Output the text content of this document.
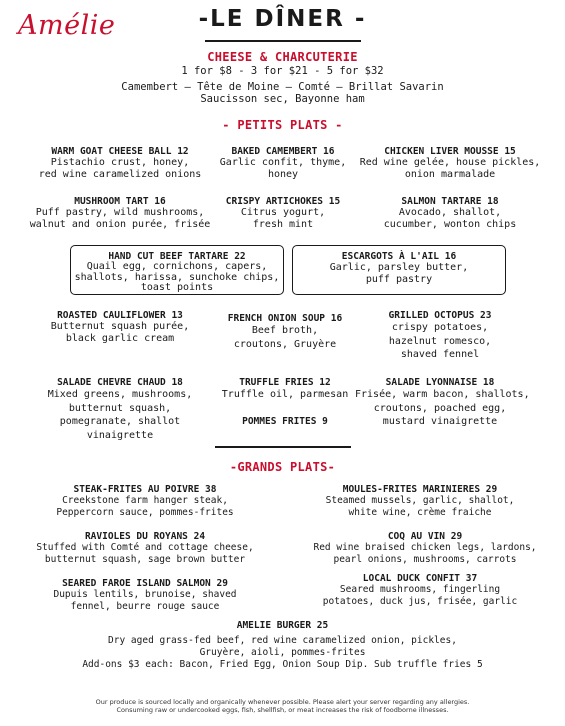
Amélie	-LE DÎNER -
CHEESE & CHARCUTERIE
1 for $8 - 3 for $21 - 5 for $32
Camembert – Tête de Moine – Comté – Brillat Savarin
Saucisson sec, Bayonne ham
- PETITS PLATS -
WARM GOAT CHEESE BALL 12
Pistachio crust, honey,
red wine caramelized onions
BAKED CAMEMBERT 16
Garlic confit, thyme,
honey
CHICKEN LIVER MOUSSE 15
Red wine gelée, house pickles,
onion marmalade
MUSHROOM TART 16
Puff pastry, wild mushrooms,
walnut and onion purée, frisée
CRISPY ARTICHOKES 15
Citrus yogurt,
fresh mint
SALMON TARTARE 18
Avocado, shallot,
cucumber, wonton chips
HAND CUT BEEF TARTARE 22
Quail egg, cornichons, capers,
shallots, harissa, sunchoke chips,
toast points
ESCARGOTS À L'AIL 16
Garlic, parsley butter,
puff pastry
ROASTED CAULIFLOWER 13
Butternut squash purée,
black garlic cream
FRENCH ONION SOUP 16
Beef broth,
croutons, Gruyère
GRILLED OCTOPUS 23
crispy potatoes,
hazelnut romesco,
shaved fennel
SALADE CHEVRE CHAUD 18
Mixed greens, mushrooms,
butternut squash,
pomegranate, shallot
vinaigrette
TRUFFLE FRIES 12
Truffle oil, parmesan
POMMES FRITES 9
SALADE LYONNAISE 18
Frisée, warm bacon, shallots,
croutons, poached egg,
mustard vinaigrette
-GRANDS PLATS-
STEAK-FRITES AU POIVRE 38
Creekstone farm hanger steak,
Peppercorn sauce, pommes-frites
MOULES-FRITES MARINIERES 29
Steamed mussels, garlic, shallot,
white wine, crème fraiche
RAVIOLES DU ROYANS 24
Stuffed with Comté and cottage cheese,
butternut squash, sage brown butter
COQ AU VIN 29
Red wine braised chicken legs, lardons,
pearl onions, mushrooms, carrots
SEARED FAROE ISLAND SALMON 29
Dupuis lentils, brunoise, shaved
fennel, beurre rouge sauce
LOCAL DUCK CONFIT 37
Seared mushrooms, fingerling
potatoes, duck jus, frisée, garlic
AMELIE BURGER 25
Dry aged grass-fed beef, red wine caramelized onion, pickles,
Gruyère, aioli, pommes-frites
Add-ons $3 each: Bacon, Fried Egg, Onion Soup Dip. Sub truffle fries 5
Our produce is sourced locally and organically whenever possible. Please alert your server regarding any allergies.
Consuming raw or undercooked eggs, fish, shellfish, or meat increases the risk of foodborne illnesses.
